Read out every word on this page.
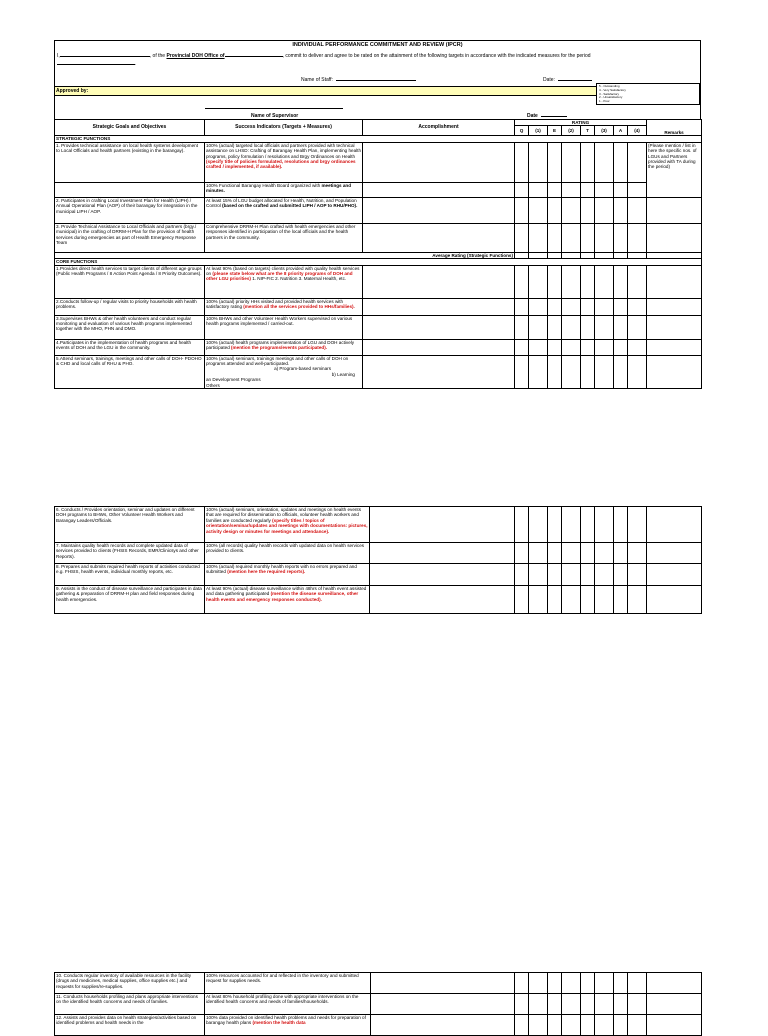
INDIVIDUAL PERFORMANCE COMMITMENT AND REVIEW (IPCR)
I,	, of the Provincial DOH Office of	, commit to deliver and agree to be rated on the attainment of the following targets in accordance with the indicated measures for the period
.
Name of Staff:	Date:
Approved by:
Name of Supervisor	Date
Strategic Goals and Objectives	Success Indicators (Targets + Measures)	Accomplishment	RATING								Remarks
			Q	(1)	E	(2)	T	(3)	A	(4)	
STRATEGIC FUNCTIONS											
1. Provides technical assistance on local health systems development to Local Officials and health partners (existing in the barangay).	100% (actual) targeted local officials and partners provided with technical assistance on LHSD: Crafting of Barangay Health Plan, implementing health programs, policy formulation / resolutions and Brgy Ordinances on Health (specify title of policies formulated, resolutions and brgy ordinances crafted / implemented, if available).										(Please mention / list in here the specific nos. of LGUs and Partners provided with TA during the period)
	100% Functional Barangay Health Board organized with meetings and minutes.										
2. Participates in crafting Local Investment Plan for Health (LIPH) / Annual Operational Plan (AOP) of their barangay for integration in the municipal LIPH / AOP.	At least 15% of LGU budget allocated for Health, Nutrition, and Population Control (based on the crafted and submitted LIPH / AOP to RHU/PHO).										
3. Provide Technical Assistance to Local Officials and partners (brgy./ municipal) in the crafting of DRRM-H Plan for the provision of health services during emergencies as part of Health Emergency Response Team	Comprehensive DRRM-H Plan crafted with health emergencies and other responses identified in participation of the local officials and the health partners in the community.										
Average Rating (Strategic Functions)											
CORE FUNCTIONS											
1.Provides direct health services to target clients of different age groups (Public Health Programs / 8 Action Point Agenda / 8 Priority Outcomes).	At least 90% (based on targets) clients provided with quality health services on (please state below what are the 8 priority programs of DOH and other LGU priorities) 1. NIP-FIC 2. Nutrition 3. Maternal Health, etc.										
2.Conducts follow-up / regular visits to priority households with health problems.	100% (actual) priority HHs visited and provided health services with satisfactory rating (mention all the services provided to HHs/families).										
3.Supervises BHWs & other health volunteers and conduct regular monitoring and evaluation of various health programs implemented together with the MHO, PHN and DMO.	100% BHWs and other Volunteer Health Workers supervised on various health programs implemented / carried-out.										
4.Participates in the implementation of health programs and health events of DOH and the LGU in the community.	100% (actual) health programs implementation of LGU and DOH actively participated (mention the programs/events participated).										
5.Attend seminars, trainings, meetings and other calls of DOH- PDOHO & CHD and local calls of RHU & PHO.	100% (actual) seminars, trainings meetings and other calls of DOH on programs attended and well-participated.
a) Program-based seminars
b) Learning
an Development Programs
Others										

5 - Outstanding
4 - Very Satisfactory
3 - Satisfactory
2 - Unsatisfactory
1 - Poor
6. Conducts / Provides orientation, seminar and updates on different DOH programs to BHWs, Other Volunteer Health Workers and Barangay Leaders/Officials.	100% (actual) seminars, orientation, updates and meetings on health events that are required for dissemination to officials, volunteer health workers and families are conducted regularly (specify titles / topics of orientation/seminar/updates and meetings with documentations: pictures, activity design or minutes for meetings and attendance).										
7. Maintains quality health records and complete updated data of services provided to clients (FHSIS Records, EMR/Clinicsys and other Reports).	100% (all records) quality health records with updated data on health services provided to clients.										
8. Prepares and submits required health reports of activities conducted e.g. FHSIS, health events, individual monthly reports, etc.	100% (actual) required monthly health reports with no errors prepared and submitted (mention here the required reports).										
9. Assists in the conduct of disease surveillance and participates in data gathering & preparation of DRRM-H plan and field responses during health emergencies.	At least 90% (actual) disease surveillance within 48hrs of health event assisted and data gathering participated (mention the disease surveillance, other health events and emergency responses conducted).										
10. Conducts regular inventory of available resources in the facility (drugs and medicines, medical supplies, office supplies etc.) and requests for supplies/re-supplies.	100% resources accounted for and reflected in the inventory and submitted request for supplies needs.										
11. Conducts households profiling and plans appropriate interventions on the identified health concerns and needs of families.	At least 80% household profiling done with appropriate interventions on the identified health concerns and needs of families/households.										
12. Assists and provides data on health strategies/activities based on identified problems and health needs in the	100% data provided on identified health problems and needs for preparation of barangay health plans (mention the health data										
